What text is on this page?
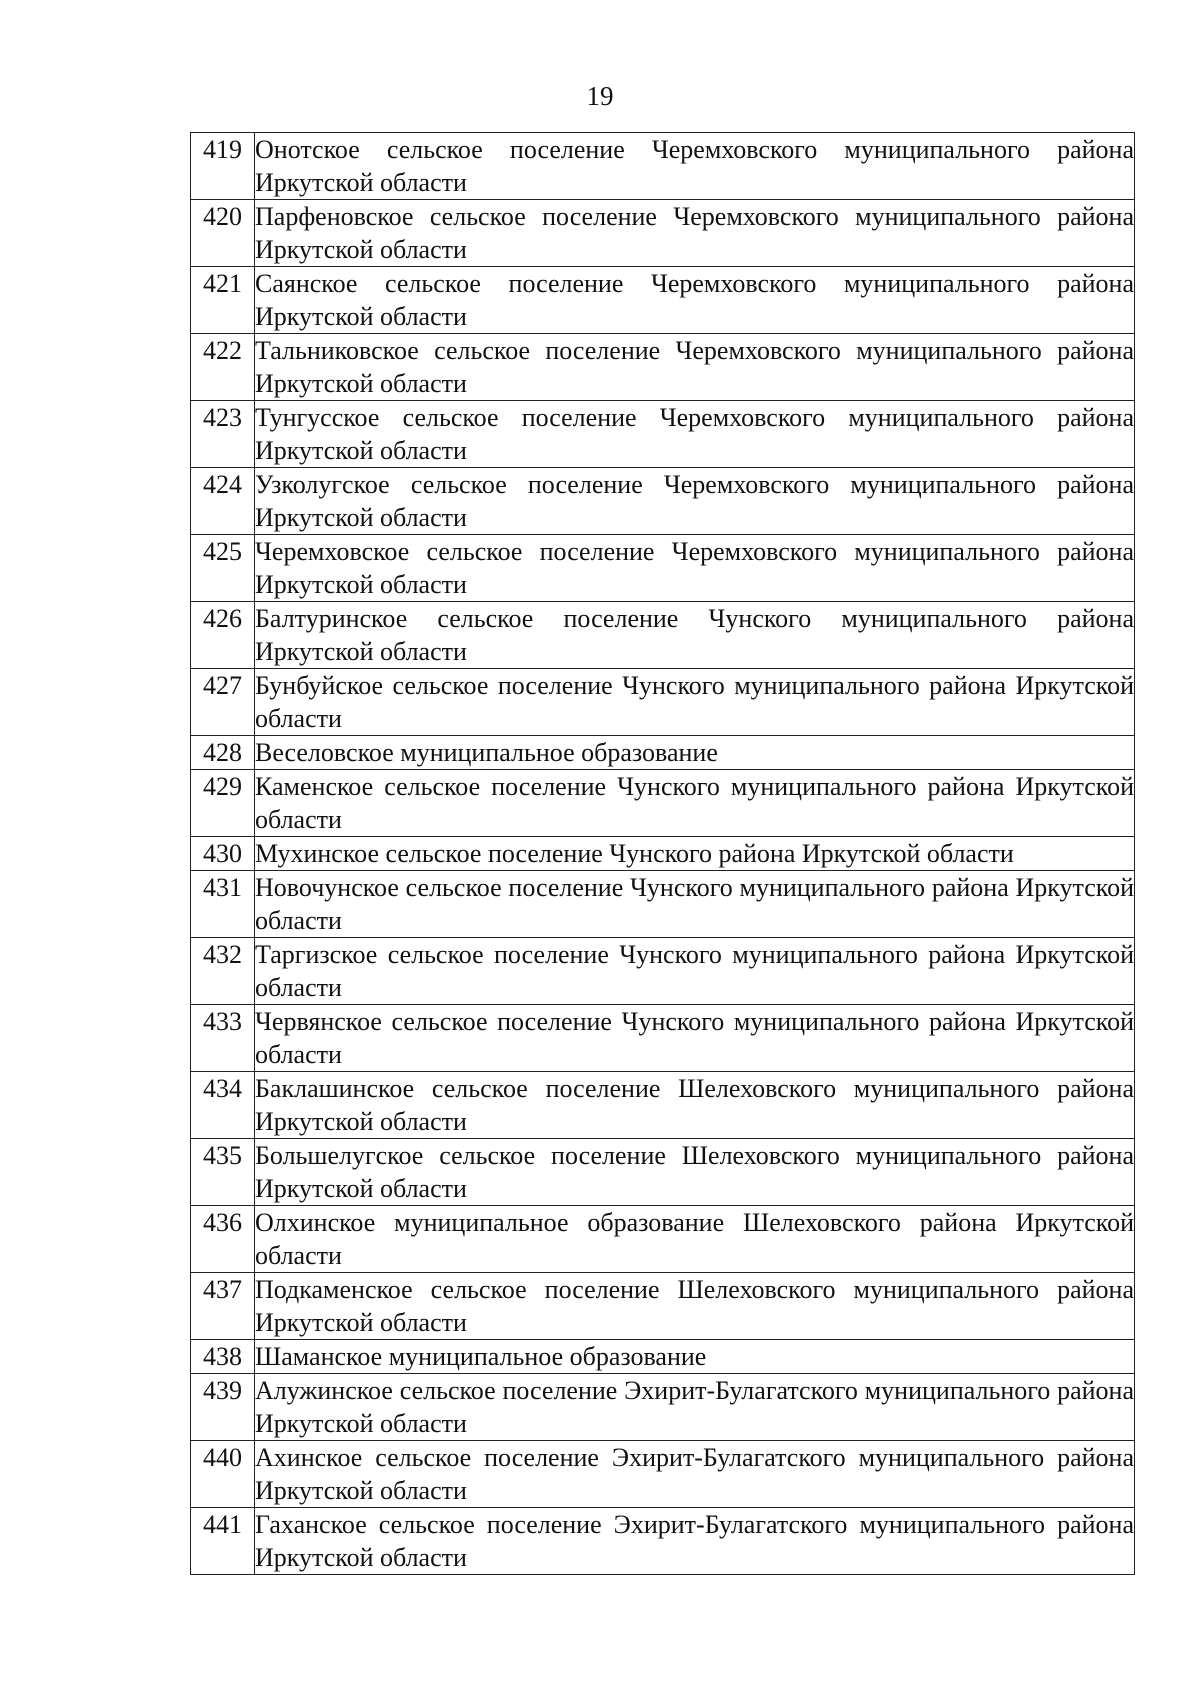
19
419	Онотское сельское поселение Черемховского муниципального района Иркутской области
420	Парфеновское сельское поселение Черемховского муниципального района Иркутской области
421	Саянское сельское поселение Черемховского муниципального района Иркутской области
422	Тальниковское сельское поселение Черемховского муниципального района Иркутской области
423	Тунгусское сельское поселение Черемховского муниципального района Иркутской области
424	Узколугское сельское поселение Черемховского муниципального района Иркутской области
425	Черемховское сельское поселение Черемховского муниципального района Иркутской области
426	Балтуринское сельское поселение Чунского муниципального района Иркутской области
427	Бунбуйское сельское поселение Чунского муниципального района Иркутской области
428	Веселовское муниципальное образование
429	Каменское сельское поселение Чунского муниципального района Иркутской области
430	Мухинское сельское поселение Чунского района Иркутской области
431	Новочунское сельское поселение Чунского муниципального района Иркутской области
432	Таргизское сельское поселение Чунского муниципального района Иркутской области
433	Червянское сельское поселение Чунского муниципального района Иркутской области
434	Баклашинское сельское поселение Шелеховского муниципального района Иркутской области
435	Большелугское сельское поселение Шелеховского муниципального района Иркутской области
436	Олхинское муниципальное образование Шелеховского района Иркутской области
437	Подкаменское сельское поселение Шелеховского муниципального района Иркутской области
438	Шаманское муниципальное образование
439	Алужинское сельское поселение Эхирит-Булагатского муниципального района Иркутской области
440	Ахинское сельское поселение Эхирит-Булагатского муниципального района Иркутской области
441	Гаханское сельское поселение Эхирит-Булагатского муниципального района Иркутской области
